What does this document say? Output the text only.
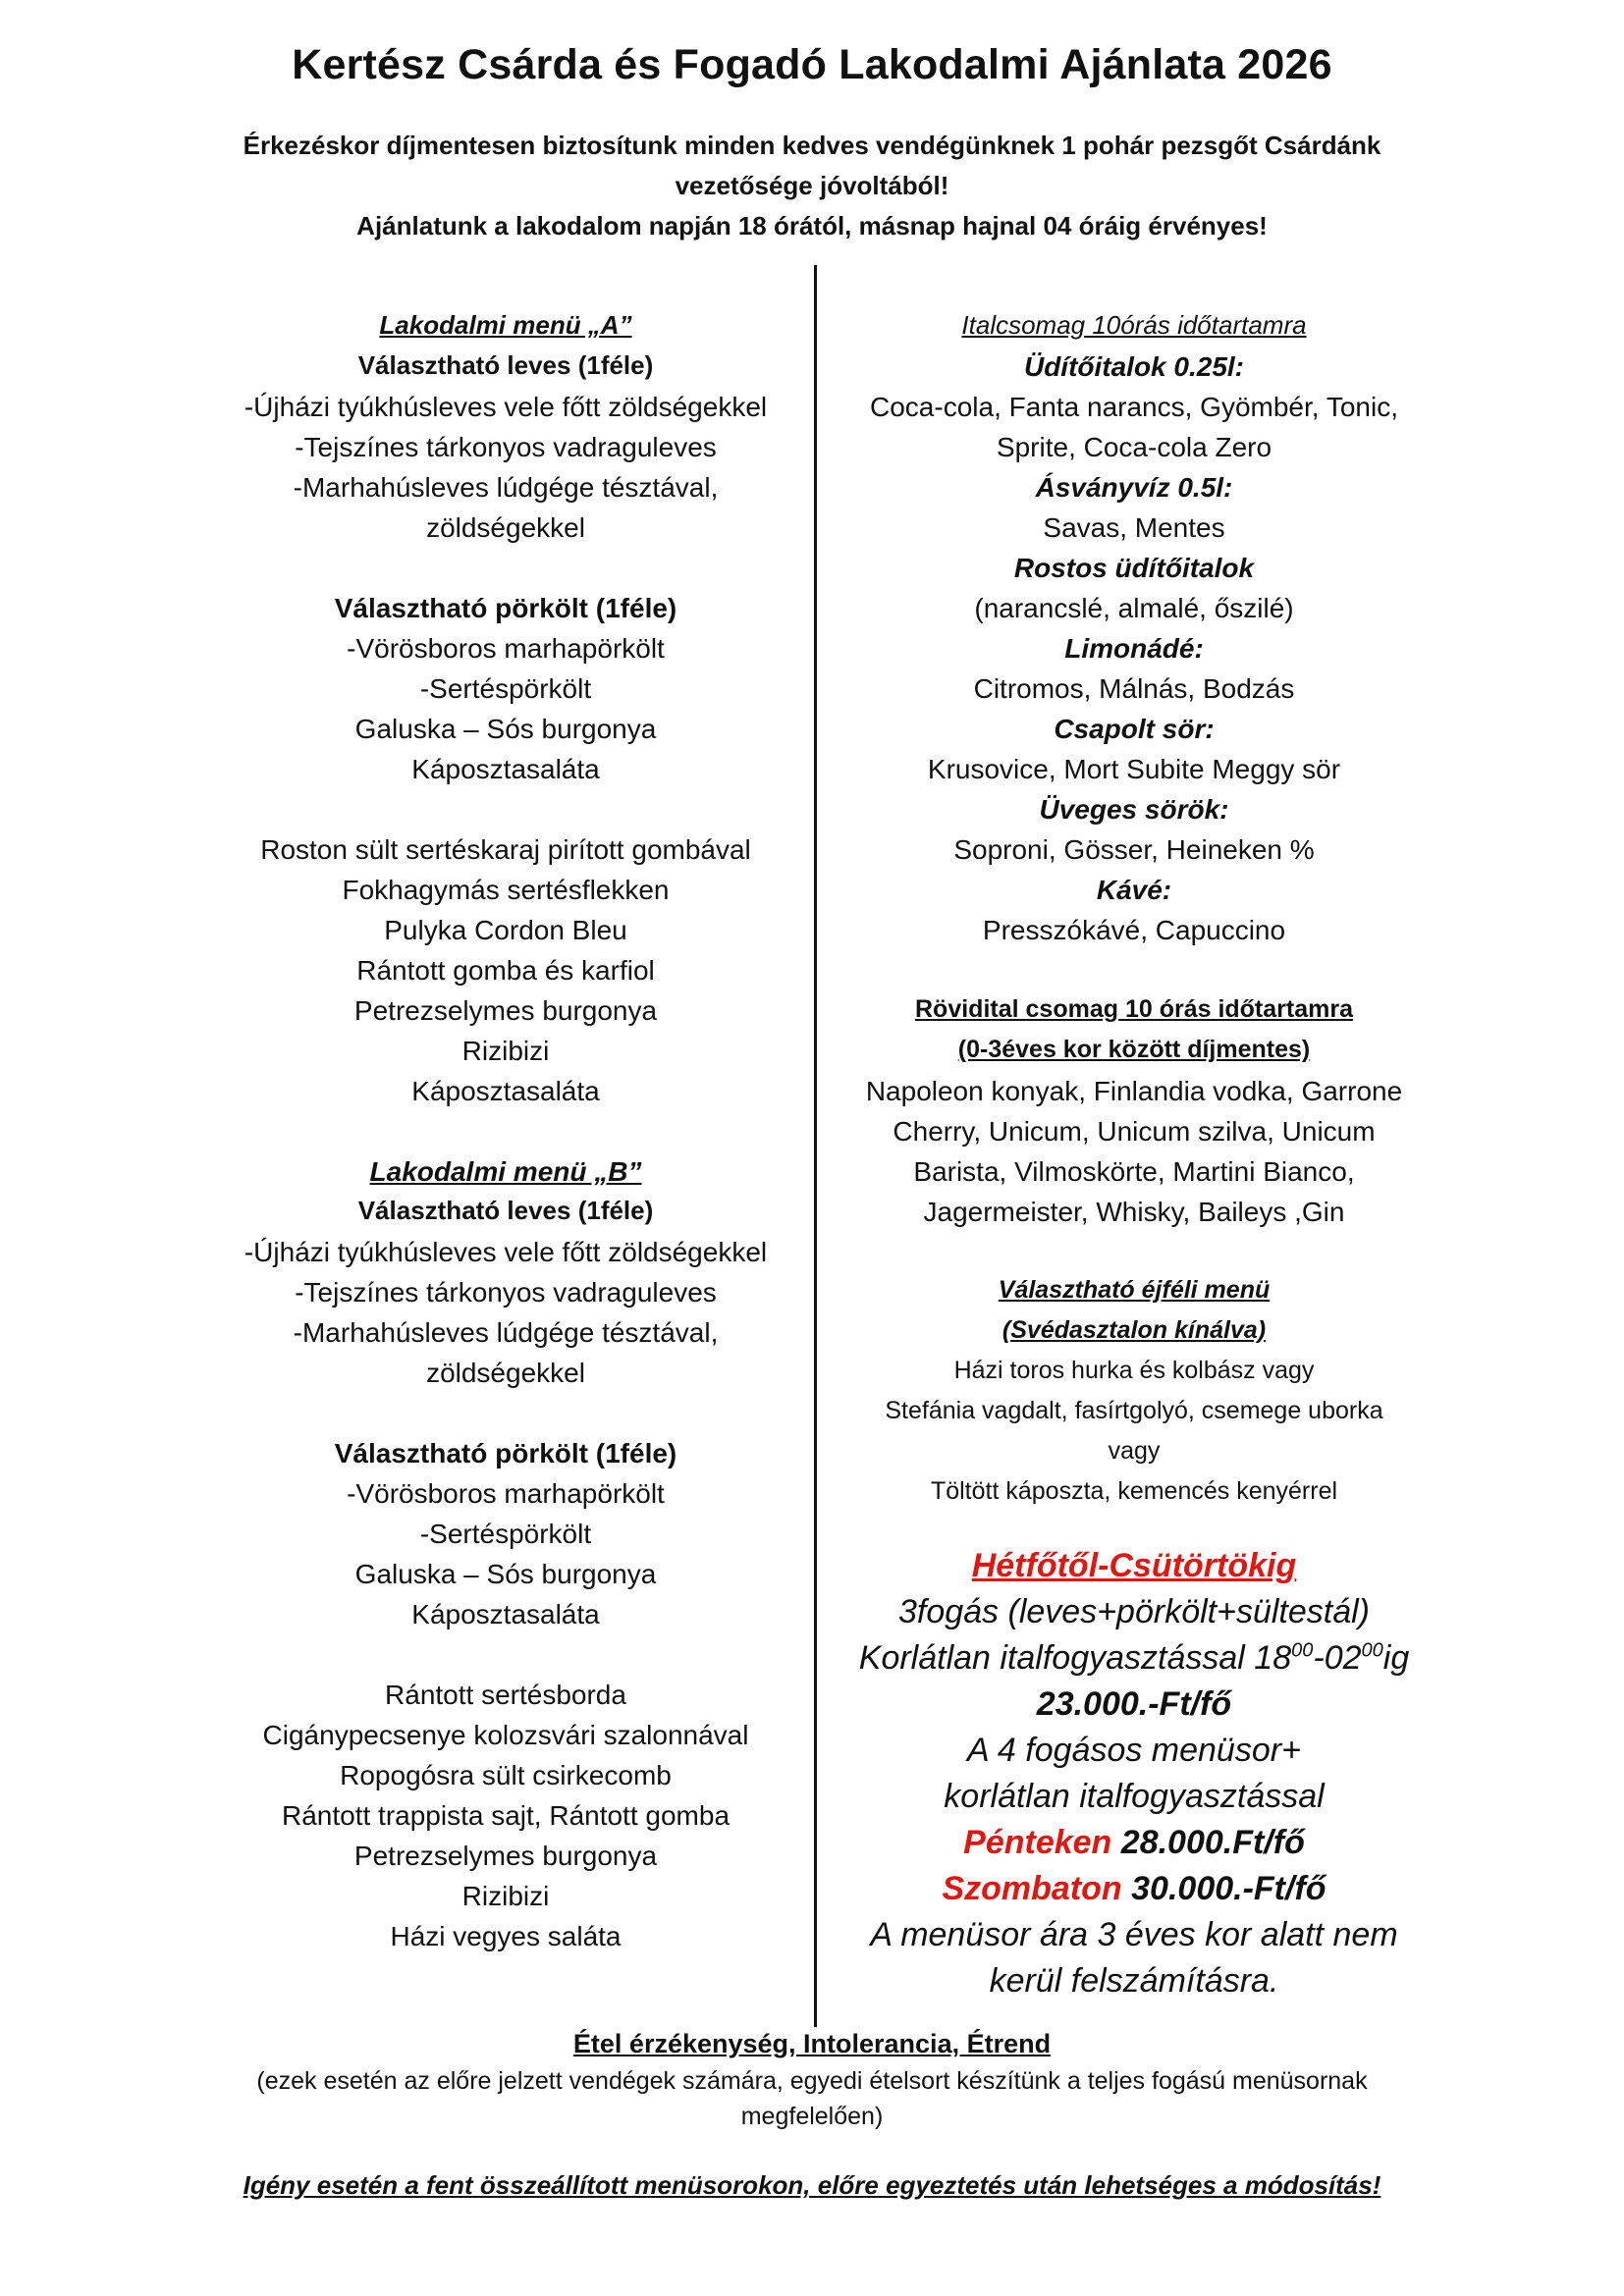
Kertész Csárda és Fogadó Lakodalmi Ajánlata 2026
Érkezéskor díjmentesen biztosítunk minden kedves vendégünknek 1 pohár pezsgőt Csárdánk
vezetősége jóvoltából!
Ajánlatunk a lakodalom napján 18 órától, másnap hajnal 04 óráig érvényes!
Lakodalmi menü „A”
Választható leves (1féle)
-Újházi tyúkhúsleves vele főtt zöldségekkel
-Tejszínes tárkonyos vadraguleves
-Marhahúsleves lúdgége tésztával,
zöldségekkel
Választható pörkölt (1féle)
-Vörösboros marhapörkölt
-Sertéspörkölt
Galuska – Sós burgonya
Káposztasaláta
Roston sült sertéskaraj pirított gombával
Fokhagymás sertésflekken
Pulyka Cordon Bleu
Rántott gomba és karfiol
Petrezselymes burgonya
Rizibizi
Káposztasaláta
Lakodalmi menü „B”
Választható leves (1féle)
-Újházi tyúkhúsleves vele főtt zöldségekkel
-Tejszínes tárkonyos vadraguleves
-Marhahúsleves lúdgége tésztával,
zöldségekkel
Választható pörkölt (1féle)
-Vörösboros marhapörkölt
-Sertéspörkölt
Galuska – Sós burgonya
Káposztasaláta
Rántott sertésborda
Cigánypecsenye kolozsvári szalonnával
Ropogósra sült csirkecomb
Rántott trappista sajt, Rántott gomba
Petrezselymes burgonya
Rizibizi
Házi vegyes saláta
Italcsomag 10órás időtartamra
Üdítőitalok 0.25l:
Coca-cola, Fanta narancs, Gyömbér, Tonic,
Sprite, Coca-cola Zero
Ásványvíz 0.5l:
Savas, Mentes
Rostos üdítőitalok
(narancslé, almalé, őszilé)
Limonádé:
Citromos, Málnás, Bodzás
Csapolt sör:
Krusovice, Mort Subite Meggy sör
Üveges sörök:
Soproni, Gösser, Heineken %
Kávé:
Presszókávé, Capuccino
Rövidital csomag 10 órás időtartamra
(0-3éves kor között díjmentes)
Napoleon konyak, Finlandia vodka, Garrone
Cherry, Unicum, Unicum szilva, Unicum
Barista, Vilmoskörte, Martini Bianco,
Jagermeister, Whisky, Baileys ,Gin
Választható éjféli menü
(Svédasztalon kínálva)
Házi toros hurka és kolbász vagy
Stefánia vagdalt, fasírtgolyó, csemege uborka
vagy
Töltött káposzta, kemencés kenyérrel
Hétfőtől-Csütörtökig
3fogás (leves+pörkölt+sültestál)
Korlátlan italfogyasztással $18^{00}-02^{00}ig$
23.000.-Ft/fő
A 4 fogásos menüsor+
korlátlan italfogyasztással
Pénteken 28.000.Ft/fő
Szombaton 30.000.-Ft/fő
A menüsor ára 3 éves kor alatt nem
kerül felszámításra.
Étel érzékenység, Intolerancia, Étrend
(ezek esetén az előre jelzett vendégek számára, egyedi ételsort készítünk a teljes fogású menüsornak
megfelelően)
Igény esetén a fent összeállított menüsorokon, előre egyeztetés után lehetséges a módosítás!
